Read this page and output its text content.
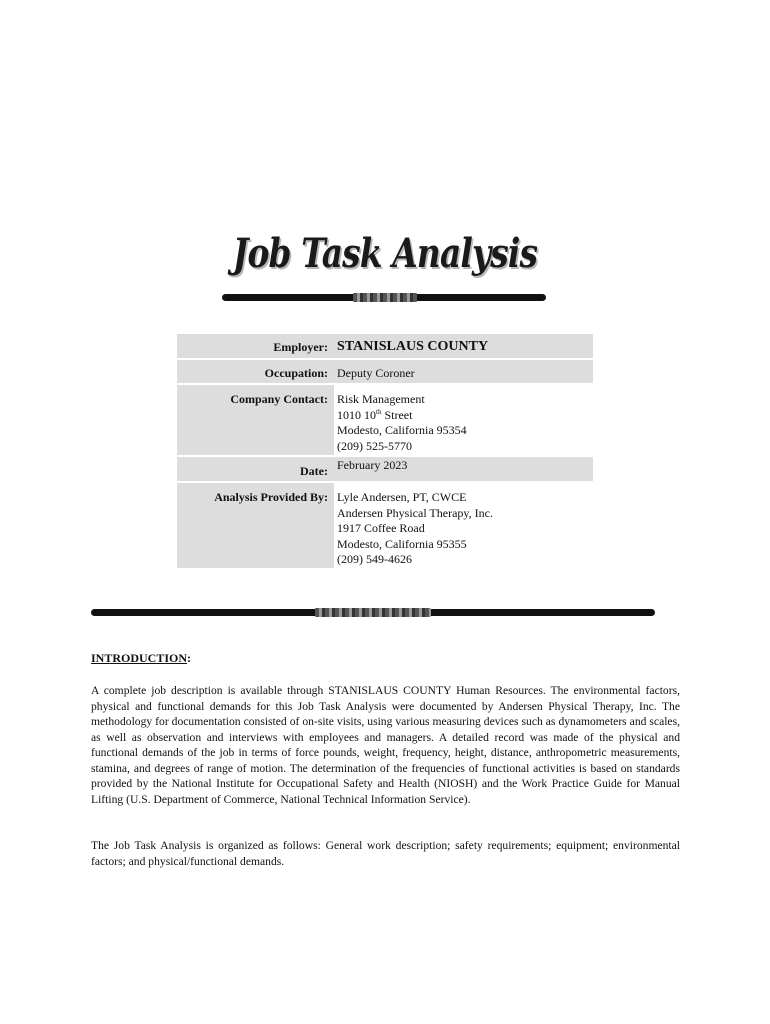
Job Task Analysis
Employer: STANISLAUS COUNTY
Occupation: Deputy Coroner
Company Contact: Risk Management
1010 10th Street
Modesto, California 95354
(209) 525-5770
Date: February 2023
Analysis Provided By: Lyle Andersen, PT, CWCE
Andersen Physical Therapy, Inc.
1917 Coffee Road
Modesto, California 95355
(209) 549-4626
INTRODUCTION:

A complete job description is available through STANISLAUS COUNTY Human Resources. The environmental factors, physical and functional demands for this Job Task Analysis were documented by Andersen Physical Therapy, Inc. The methodology for documentation consisted of on-site visits, using various measuring devices such as dynamometers and scales, as well as observation and interviews with employees and managers. A detailed record was made of the physical and functional demands of the job in terms of force pounds, weight, frequency, height, distance, anthropometric measurements, stamina, and degrees of range of motion. The determination of the frequencies of functional activities is based on standards provided by the National Institute for Occupational Safety and Health (NIOSH) and the Work Practice Guide for Manual Lifting (U.S. Department of Commerce, National Technical Information Service).

The Job Task Analysis is organized as follows: General work description; safety requirements; equipment; environmental factors; and physical/functional demands.
